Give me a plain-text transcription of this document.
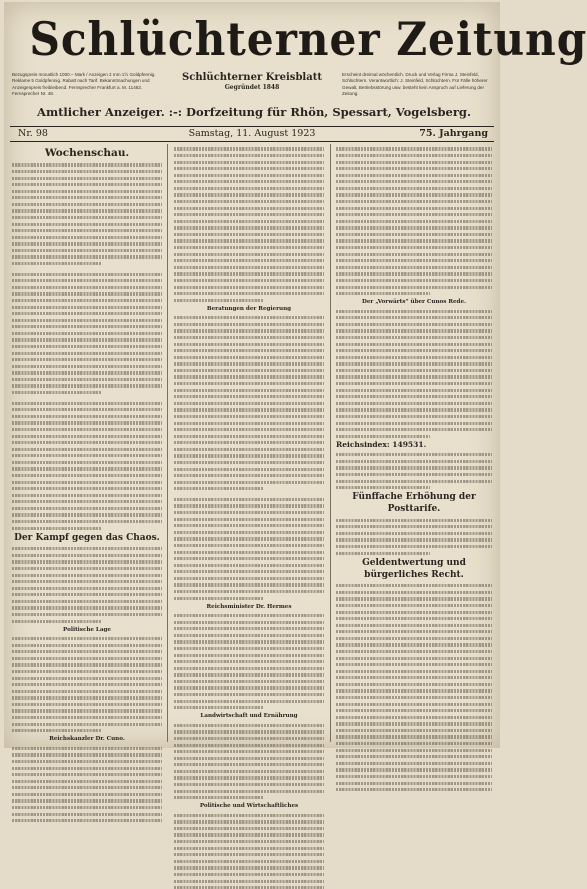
Schlüchterner Zeitung
Bezugspreis monatlich 1000.– Mark / Anzeigen 2 mm 1½ Goldpfennig. Reklame 5 Goldpfennig. Rabatt nach Tarif. Bekanntmachungen und Anzeigenpreis freibleibend. Fernsprecher Frankfurt a. M. 11463. Fernsprecher Nr. 48.
Schlüchterner Kreisblatt
Gegründet 1848
Erscheint dreimal wöchentlich. Druck und Verlag Firma J. Steinfeld, Schlüchtern. Verantwortlich: J. Steinfeld, Schlüchtern. Für Fälle höherer Gewalt, Betriebsstörung usw. besteht kein Anspruch auf Lieferung der Zeitung.
Amtlicher Anzeiger. :-: Dorfzeitung für Rhön, Spessart, Vogelsberg.
Nr. 98	Samstag, 11. August 1923	75. Jahrgang
Wochenschau.
Der Kampf gegen das Chaos.
Politische Lage
Reichskanzler Dr. Cuno.
Beratungen der Regierung
Reichsminister Dr. Hermes
Landwirtschaft und Ernährung
Politische und Wirtschaftliches
Der „Vorwärts“ über Cunos Rede.
Reichsindex: 149531.
Fünffache Erhöhung der Posttarife.
Geldentwertung und bürgerliches Recht.
